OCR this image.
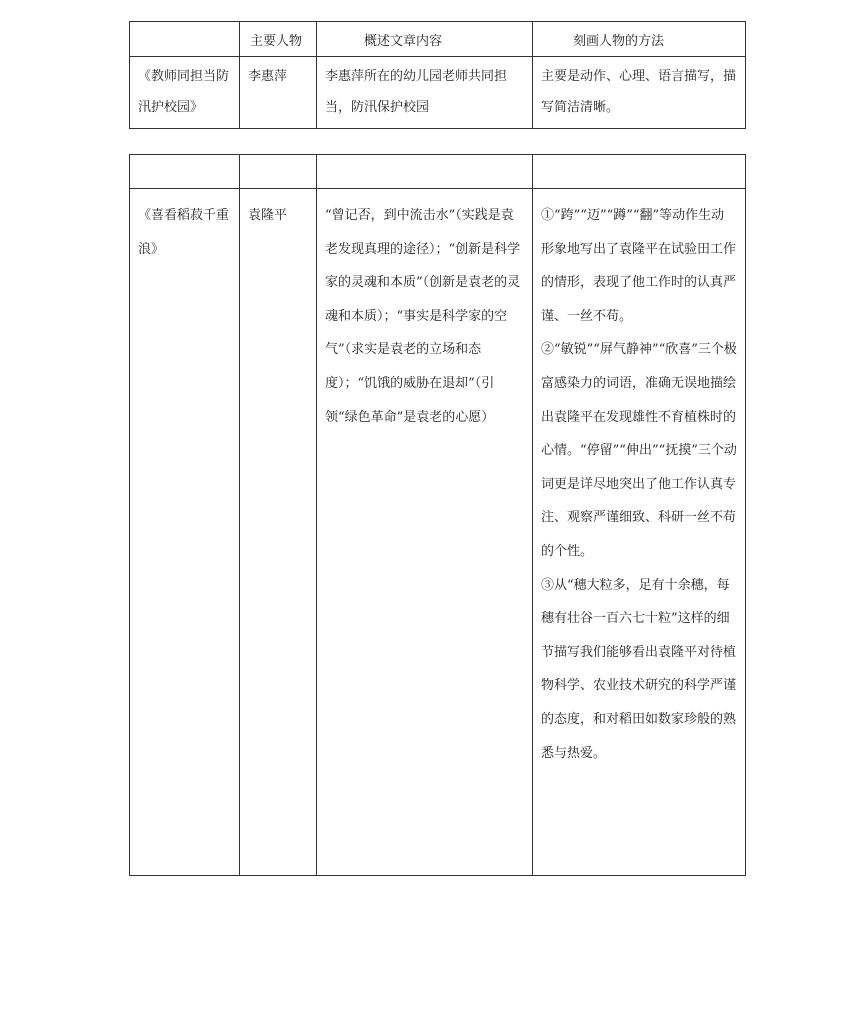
	主要人物	概述文章内容	刻画人物的方法
《教师同担当防汛护校园》	李惠萍	李惠萍所在的幼儿园老师共同担当，防汛保护校园	主要是动作、心理、语言描写，描写简洁清晰。

《喜看稻菽千重浪》	袁隆平	“曾记否，到中流击水”（实践是袁老发现真理的途径）；“创新是科学家的灵魂和本质”（创新是袁老的灵魂和本质）；“事实是科学家的空气”（求实是袁老的立场和态度）；“饥饿的威胁在退却”（引领“绿色革命”是袁老的心愿）	①“跨”“迈”“蹲”“翻”等动作生动形象地写出了袁隆平在试验田工作的情形，表现了他工作时的认真严谨、一丝不苟。
②“敏锐”“屏气静神”“欣喜”三个极富感染力的词语，准确无误地描绘出袁隆平在发现雄性不育植株时的心情。“停留”“伸出”“抚摸”三个动词更是详尽地突出了他工作认真专注、观察严谨细致、科研一丝不苟的个性。
③从“穗大粒多，足有十余穗，每穗有壮谷一百六七十粒”这样的细节描写我们能够看出袁隆平对待植物科学、农业技术研究的科学严谨的态度，和对稻田如数家珍般的熟悉与热爱。
